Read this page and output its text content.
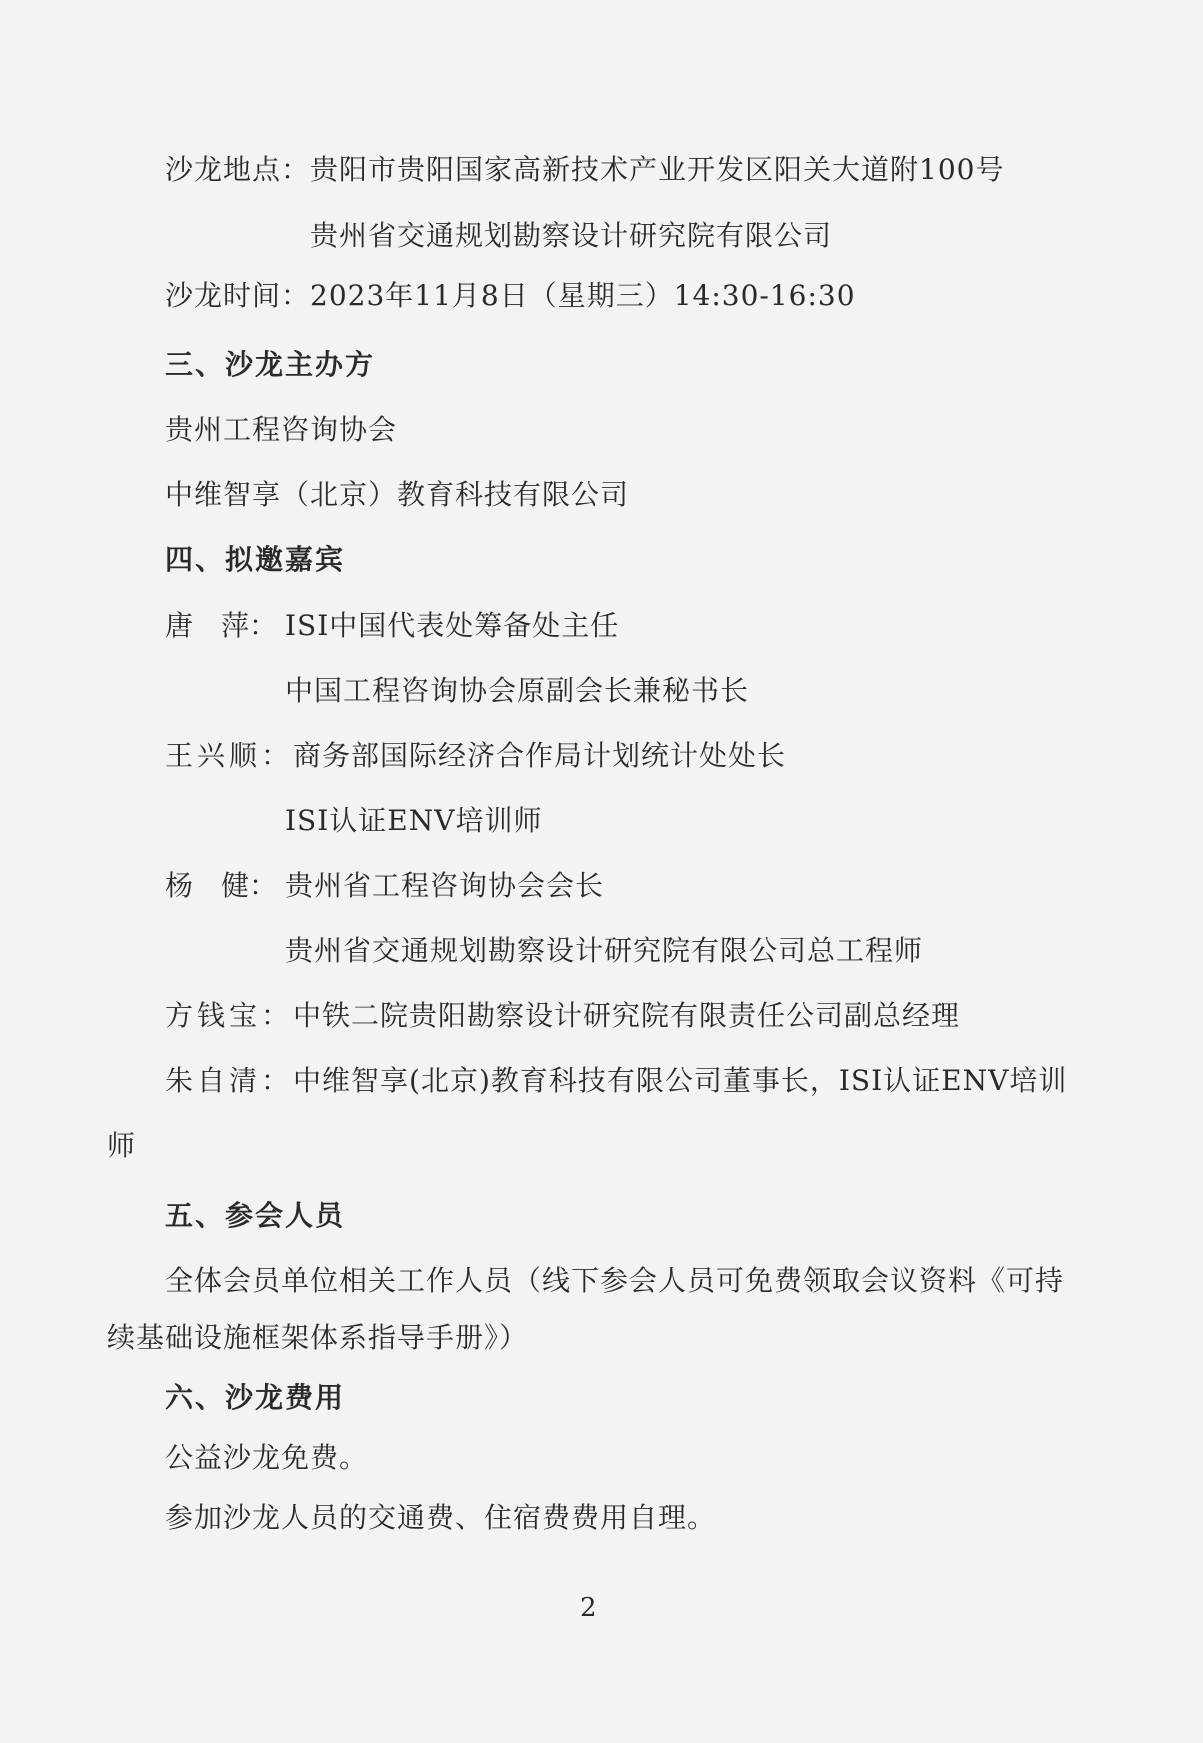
沙龙地点：贵阳市贵阳国家高新技术产业开发区阳关大道附100号
贵州省交通规划勘察设计研究院有限公司
沙龙时间：2023年11月8日（星期三）14:30-16:30
三、沙龙主办方
贵州工程咨询协会
中维智享（北京）教育科技有限公司
四、拟邀嘉宾
唐 萍： ISI中国代表处筹备处主任
中国工程咨询协会原副会长兼秘书长
王兴顺：商务部国际经济合作局计划统计处处长
ISI认证ENV培训师
杨 健： 贵州省工程咨询协会会长
贵州省交通规划勘察设计研究院有限公司总工程师
方钱宝：中铁二院贵阳勘察设计研究院有限责任公司副总经理
朱自清：中维智享(北京)教育科技有限公司董事长，ISI认证ENV培训
师
五、参会人员
全体会员单位相关工作人员（线下参会人员可免费领取会议资料《可持
续基础设施框架体系指导手册》）
六、沙龙费用
公益沙龙免费。
参加沙龙人员的交通费、住宿费费用自理。
2
